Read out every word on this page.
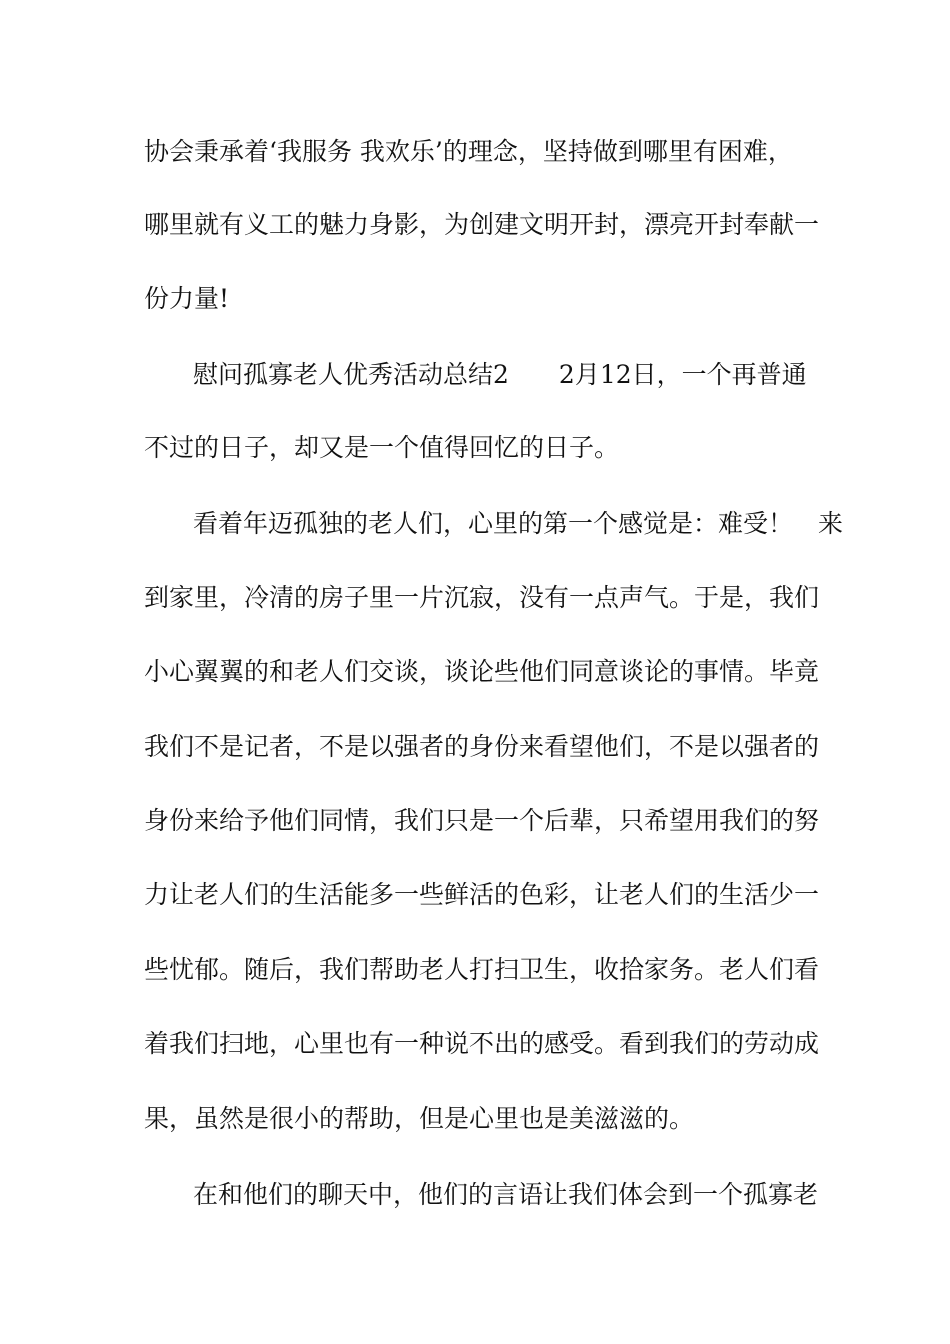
协会秉承着‘我服务 我欢乐’的理念，坚持做到哪里有困难，
哪里就有义工的魅力身影，为创建文明开封，漂亮开封奉献一
份力量!
慰问孤寡老人优秀活动总结2　　2月12日，一个再普通
不过的日子，却又是一个值得回忆的日子。
看着年迈孤独的老人们，心里的第一个感觉是：难受！　来
到家里，冷清的房子里一片沉寂，没有一点声气。于是，我们
小心翼翼的和老人们交谈，谈论些他们同意谈论的事情。毕竟
我们不是记者，不是以强者的身份来看望他们，不是以强者的
身份来给予他们同情，我们只是一个后辈，只希望用我们的努
力让老人们的生活能多一些鲜活的色彩，让老人们的生活少一
些忧郁。随后，我们帮助老人打扫卫生，收拾家务。老人们看
着我们扫地，心里也有一种说不出的感受。看到我们的劳动成
果，虽然是很小的帮助，但是心里也是美滋滋的。
在和他们的聊天中，他们的言语让我们体会到一个孤寡老
